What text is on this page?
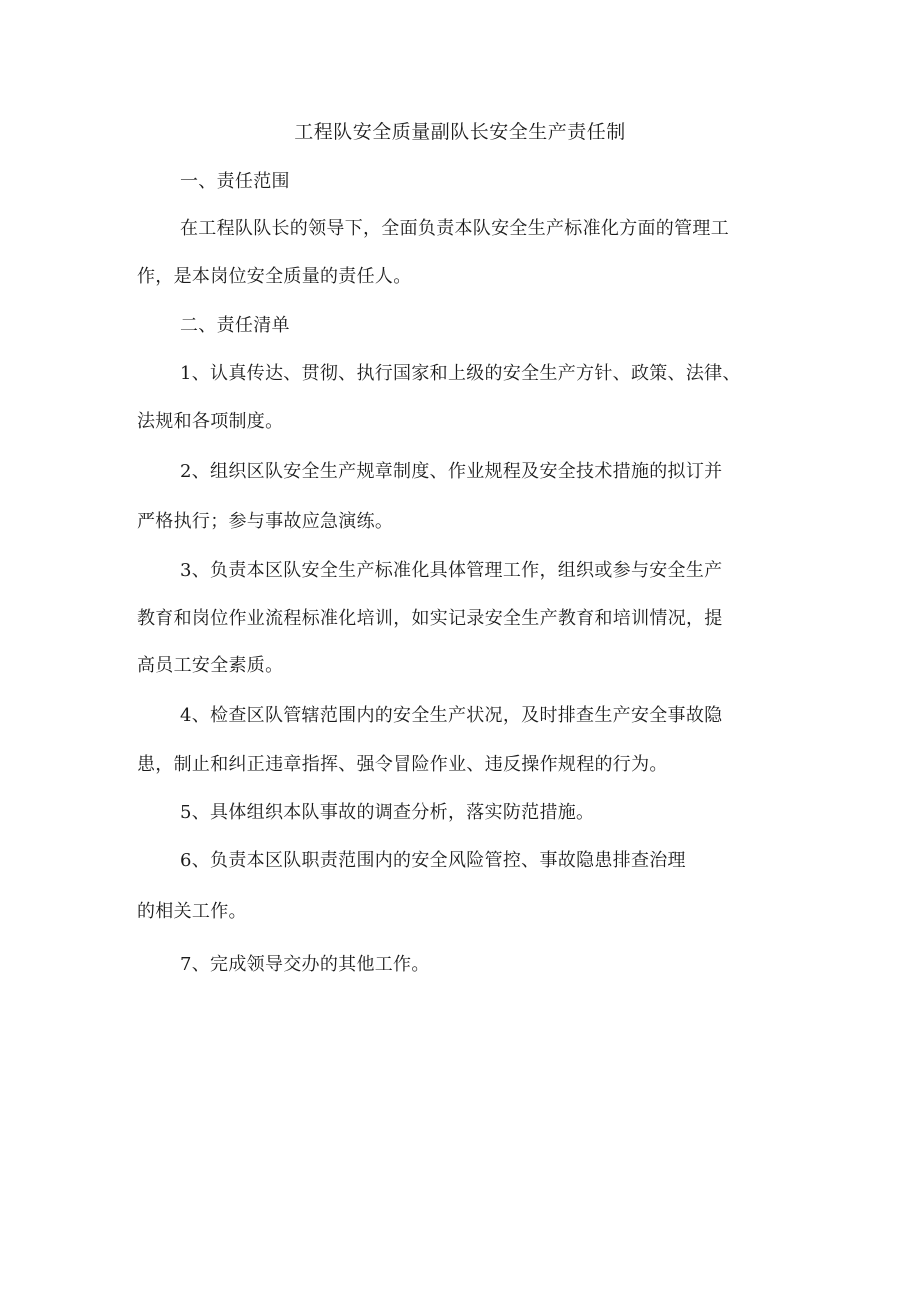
工程队安全质量副队长安全生产责任制
一、责任范围
在工程队队长的领导下，全面负责本队安全生产标准化方面的管理工
作，是本岗位安全质量的责任人。
二、责任清单
1、认真传达、贯彻、执行国家和上级的安全生产方针、政策、法律、
法规和各项制度。
2、组织区队安全生产规章制度、作业规程及安全技术措施的拟订并
严格执行；参与事故应急演练。
3、负责本区队安全生产标准化具体管理工作，组织或参与安全生产
教育和岗位作业流程标准化培训，如实记录安全生产教育和培训情况，提
高员工安全素质。
4、检查区队管辖范围内的安全生产状况，及时排查生产安全事故隐
患，制止和纠正违章指挥、强令冒险作业、违反操作规程的行为。
5、具体组织本队事故的调查分析，落实防范措施。
6、负责本区队职责范围内的安全风险管控、事故隐患排查治理
的相关工作。
7、完成领导交办的其他工作。
